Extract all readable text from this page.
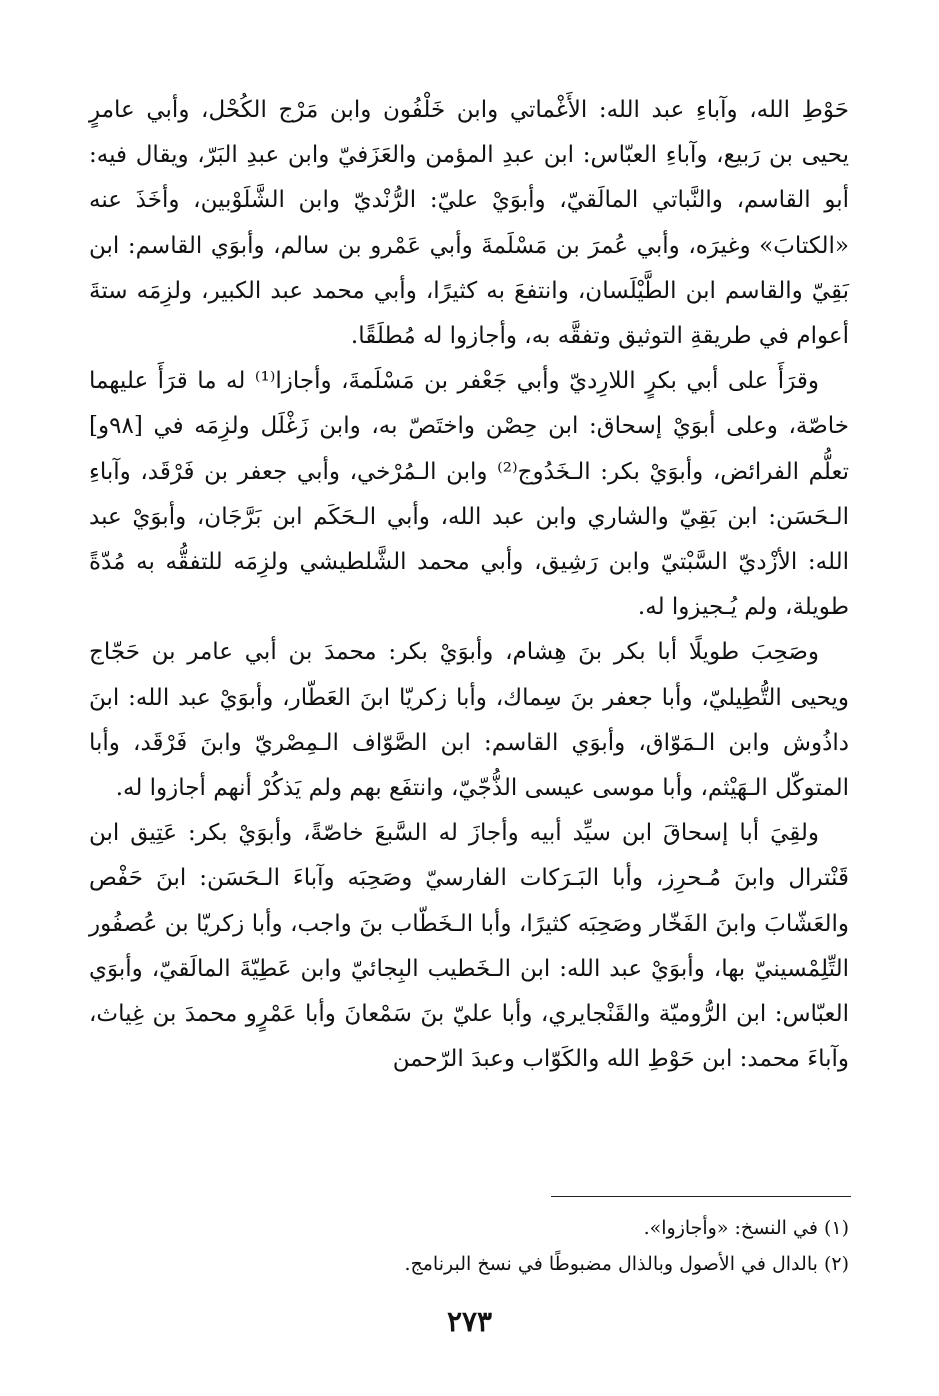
حَوْطِ الله، وآباءِ عبد الله: الأَغْماتي وابن خَلْفُون وابن مَرْج الكُحْل، وأبي عامرٍ يحيى بن رَبيع، وآباءِ العبّاس: ابن عبدِ المؤمن والعَزَفيّ وابن عبدِ البَرّ، ويقال فيه: أبو القاسم، والنَّباتي المالَقيّ، وأبوَيْ عليّ: الرُّنْديّ وابن الشَّلَوْبين، وأخَذَ عنه «الكتابَ» وغيرَه، وأبي عُمرَ بن مَسْلَمةَ وأبي عَمْرو بن سالم، وأبوَي القاسم: ابن بَقِيّ والقاسم ابن الطَّيْلَسان، وانتفعَ به كثيرًا، وأبي محمد عبد الكبير، ولزِمَه ستةَ أعوام في طريقةِ التوثيق وتفقَّه به، وأجازوا له مُطلَقًا.

وقرَأَ على أبي بكرٍ اللارِديّ وأبي جَعْفر بن مَسْلَمةَ، وأجازا⁽¹⁾ له ما قرَأَ عليهما خاصّة، وعلى أبوَيْ إسحاق: ابن حِصْن واختَصّ به، وابن زَغْلَل ولزِمَه في [٩٨و] تعلُّم الفرائض، وأبوَيْ بكر: الـخَدُوج⁽²⁾ وابن الـمُرْخي، وأبي جعفر بن فَرْقَد، وآباءِ الـحَسَن: ابن بَقِيّ والشاري وابن عبد الله، وأبي الـحَكَم ابن بَرَّجَان، وأبوَيْ عبد الله: الأزْديّ السَّبْتيّ وابن رَشِيق، وأبي محمد الشَّلطيشي ولزِمَه للتفقُّه به مُدّةً طويلة، ولم يُـجيزوا له.

وصَحِبَ طويلًا أبا بكر بنَ هِشام، وأبوَيْ بكر: محمدَ بن أبي عامر بن حَجّاج ويحيى التُّطِيليّ، وأبا جعفر بنَ سِماك، وأبا زكريّا ابنَ العَطّار، وأبوَيْ عبد الله: ابنَ داذُوش وابن الـمَوّاق، وأبوَي القاسم: ابن الصَّوّاف الـمِصْريّ وابنَ فَرْقَد، وأبا المتوكّل الـهَيْثم، وأبا موسى عيسى الذُّجّيّ، وانتفَع بهم ولم يَذكُرْ أنهم أجازوا له.

ولقِيَ أبا إسحاقَ ابن سيِّد أبيه وأجازَ له السَّبعَ خاصّةً، وأبوَيْ بكر: عَتِيق ابن قَنْترال وابنَ مُـحرِز، وأبا البَـرَكات الفارسيّ وصَحِبَه وآباءَ الـحَسَن: ابنَ حَفْص والعَشّابَ وابنَ الفَخّار وصَحِبَه كثيرًا، وأبا الـخَطّاب بنَ واجب، وأبا زكريّا بن عُصفُور التِّلِمْسينيّ بها، وأبوَيْ عبد الله: ابن الـخَطيب البِجائيّ وابن عَطِيّةَ المالَقيّ، وأبوَي العبّاس: ابن الرُّوميّة والقَنْجايري، وأبا عليّ بنَ سَمْعانَ وأبا عَمْرٍو محمدَ بن غِياث، وآباءَ محمد: ابن حَوْطِ الله والكَوّاب وعبدَ الرّحمن

(١) في النسخ: «وأجازوا».

(٢) بالدال في الأصول وبالذال مضبوطًا في نسخ البرنامج.

٢٧٣
